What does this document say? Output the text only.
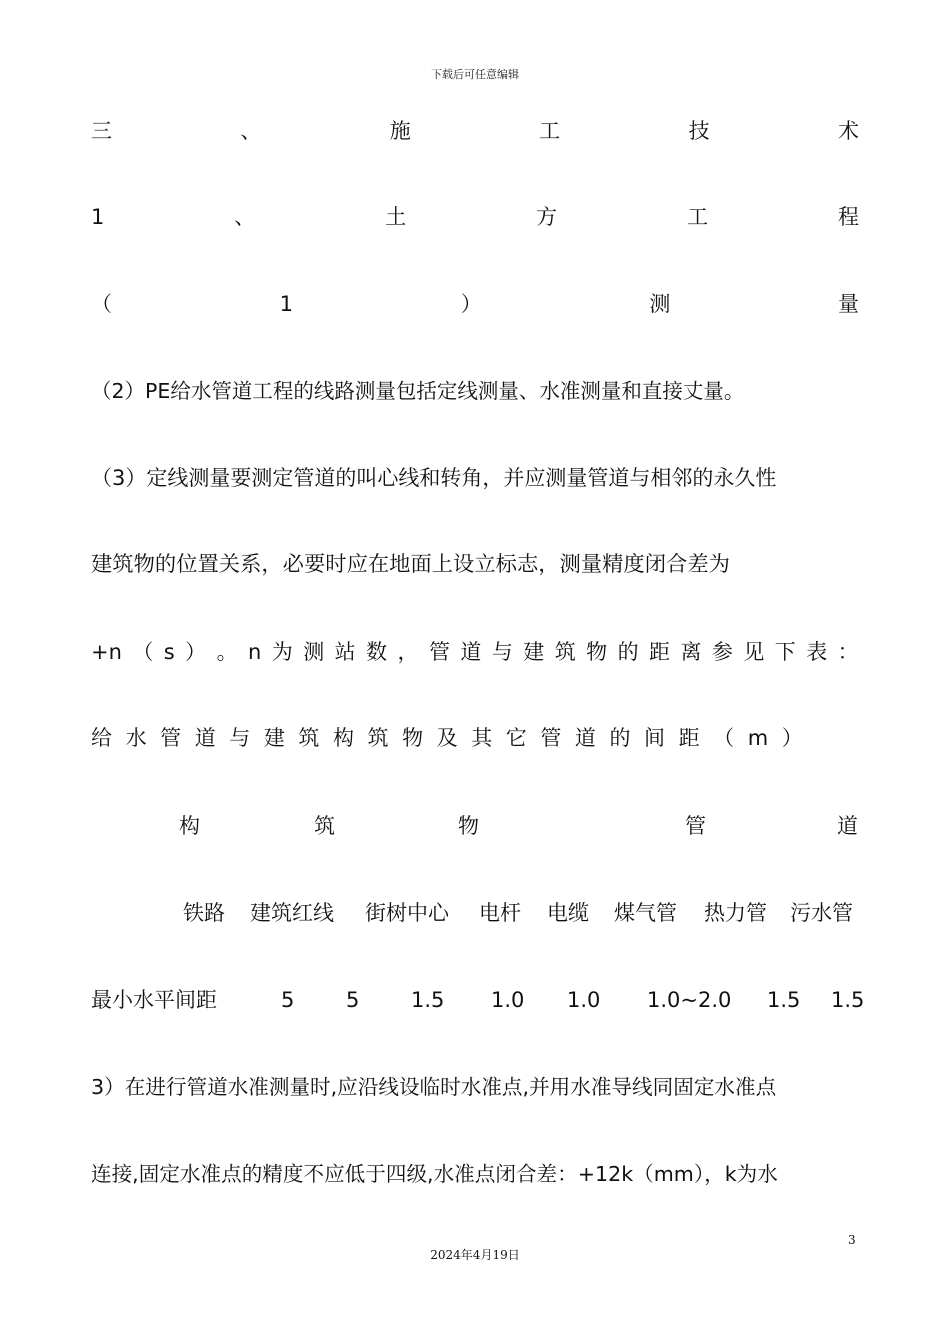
下载后可任意编辑
三	、	施	工	技	术
1	、	土	方	工	程
（	1	）	测	量
（2）PE给水管道工程的线路测量包括定线测量、水准测量和直接丈量。
（3）定线测量要测定管道的叫心线和转角，并应测量管道与相邻的永久性
建筑物的位置关系，必要时应在地面上设立标志，测量精度闭合差为
+n （ s ） 。 n 为 测 站 数 ， 管 道 与 建 筑 物 的 距 离 参 见 下 表 ：
给 水 管 道 与 建 筑 构 筑 物 及 其 它 管 道 的 间 距 （ m ）
构	筑	物	管	道
铁路 建筑红线 街树中心 电杆 电缆 煤气管 热力管 污水管
最小水平间距	5 5 1.5 1.0 1.0 1.0~2.0 1.5 1.5
3）在进行管道水准测量时,应沿线设临时水准点,并用水准导线同固定水准点
连接,固定水准点的精度不应低于四级,水准点闭合差：+12k（mm），k为水
3
2024年4月19日
